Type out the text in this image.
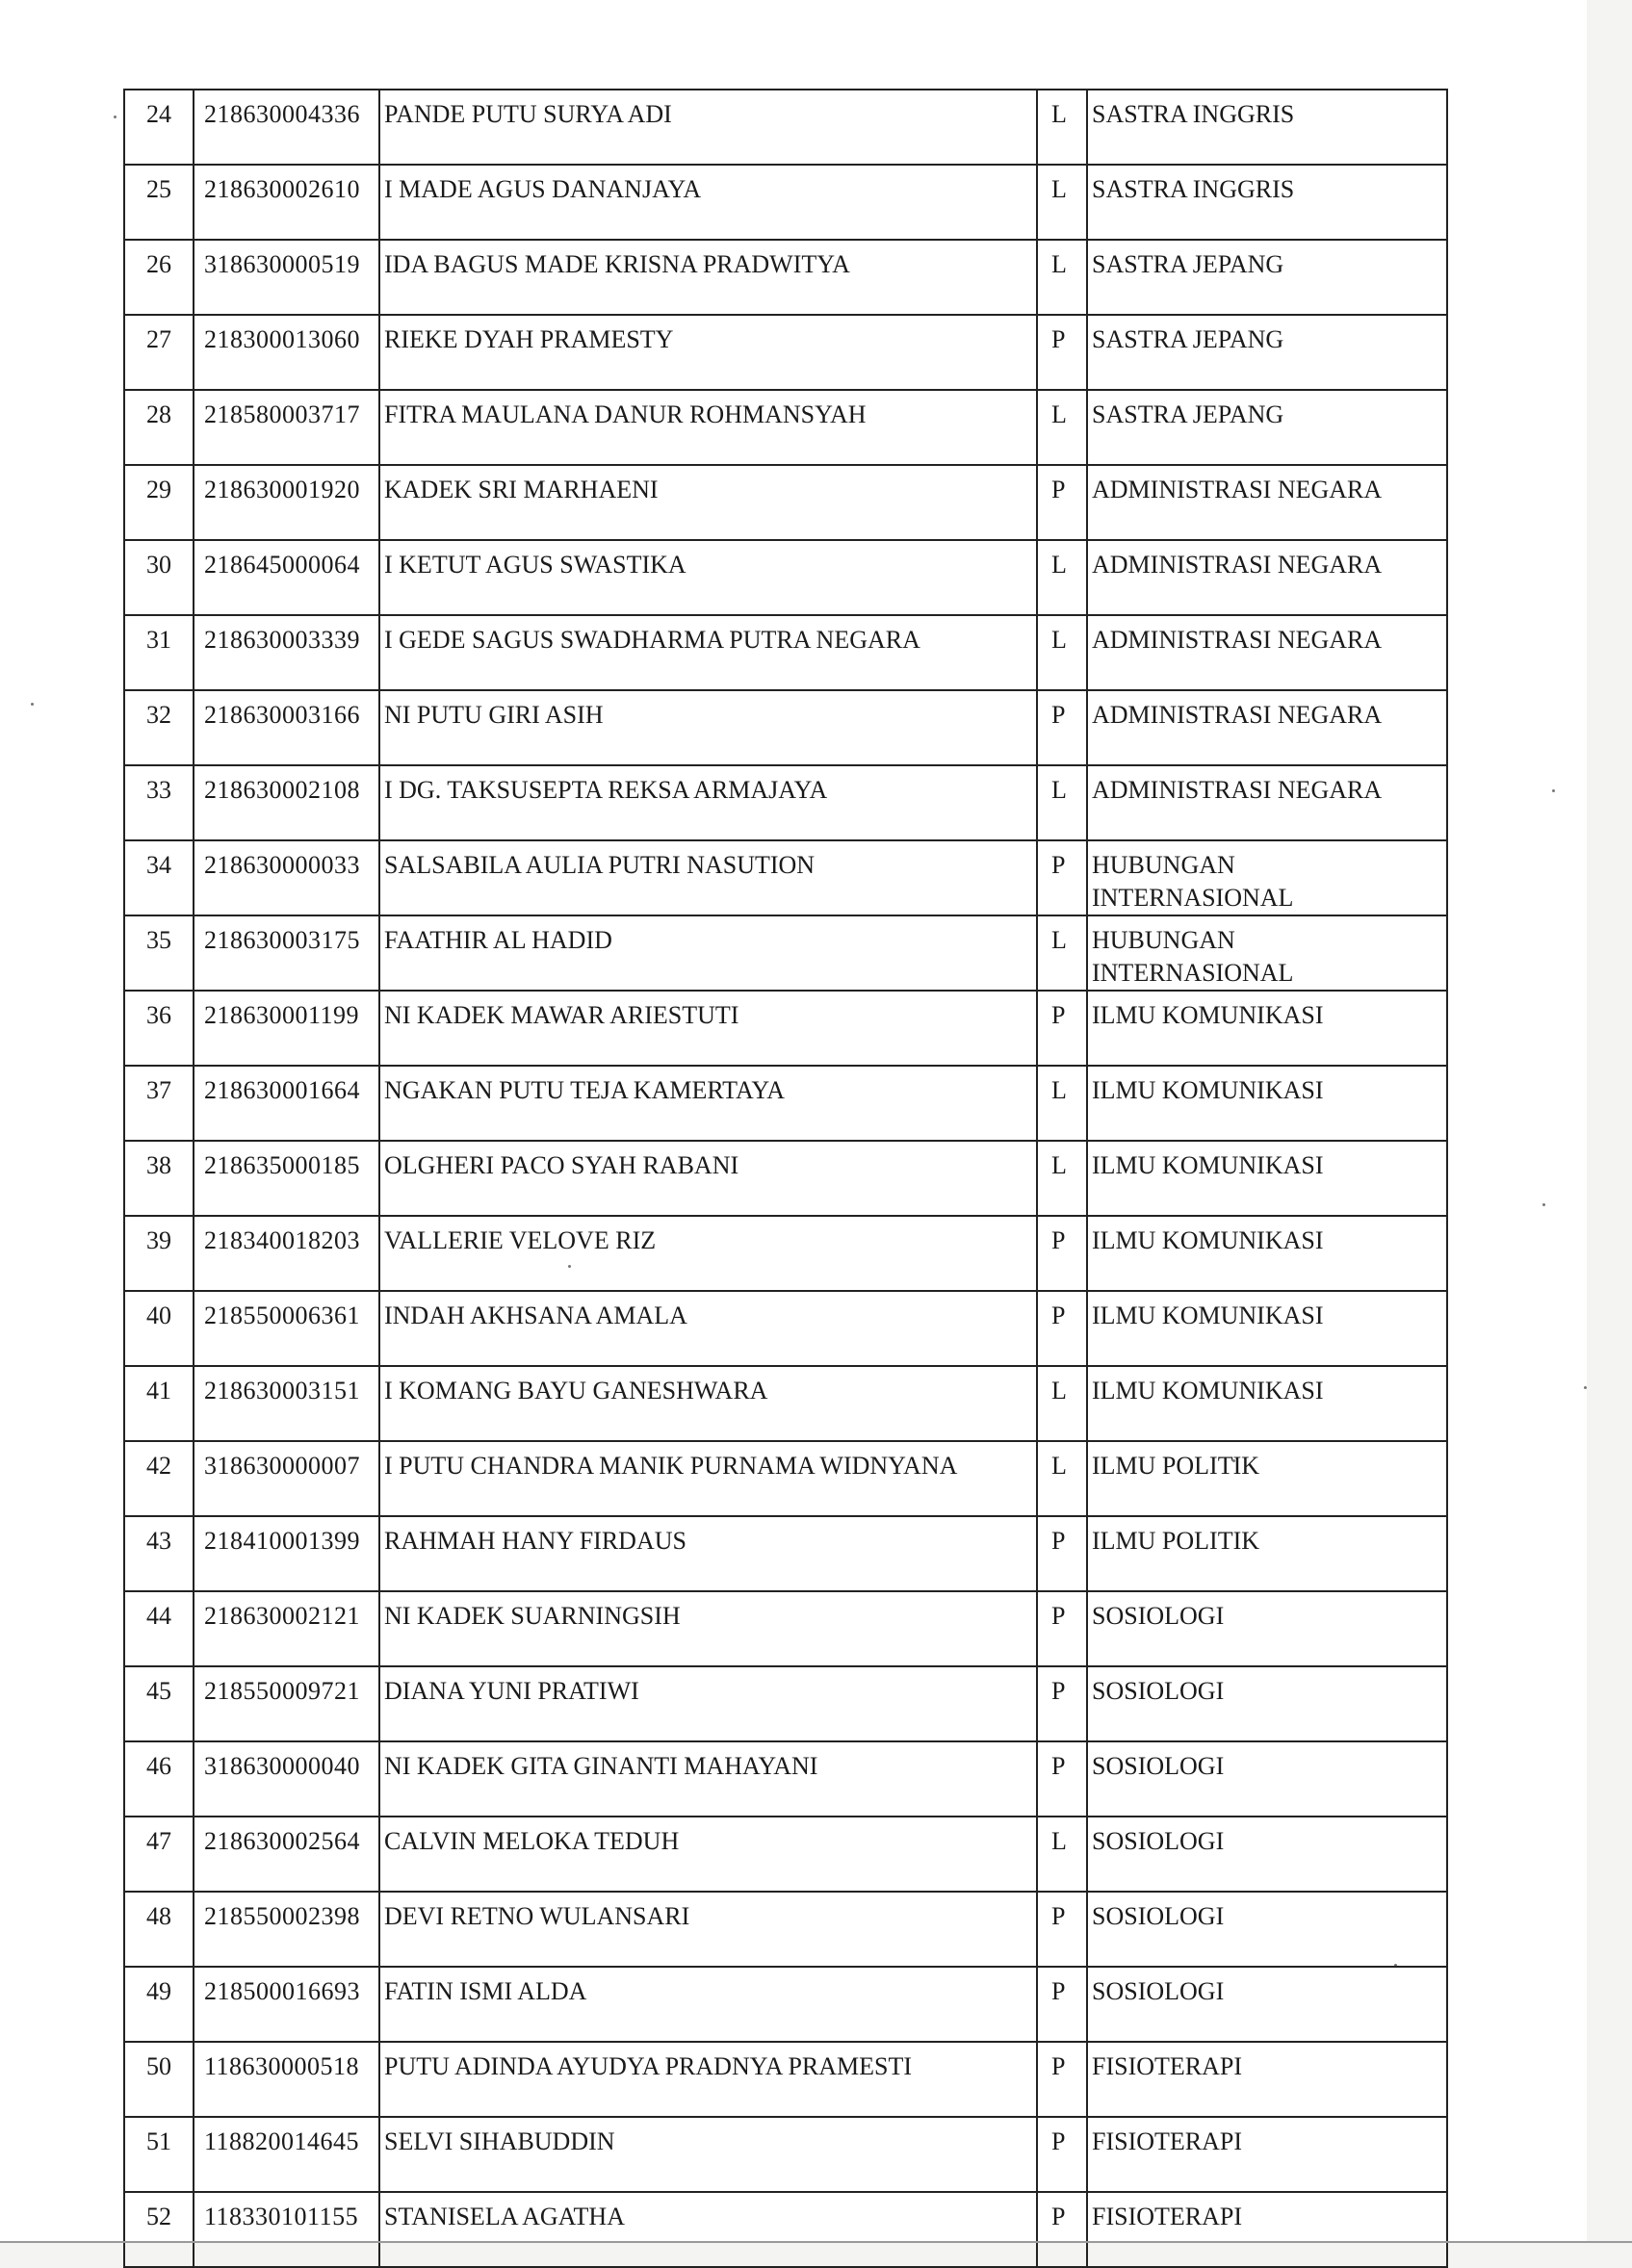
24	218630004336	PANDE PUTU SURYA ADI	L	SASTRA INGGRIS
25	218630002610	I MADE AGUS DANANJAYA	L	SASTRA INGGRIS
26	318630000519	IDA BAGUS MADE KRISNA PRADWITYA	L	SASTRA JEPANG
27	218300013060	RIEKE DYAH PRAMESTY	P	SASTRA JEPANG
28	218580003717	FITRA MAULANA DANUR ROHMANSYAH	L	SASTRA JEPANG
29	218630001920	KADEK SRI MARHAENI	P	ADMINISTRASI NEGARA
30	218645000064	I KETUT AGUS SWASTIKA	L	ADMINISTRASI NEGARA
31	218630003339	I GEDE SAGUS SWADHARMA PUTRA NEGARA	L	ADMINISTRASI NEGARA
32	218630003166	NI PUTU GIRI ASIH	P	ADMINISTRASI NEGARA
33	218630002108	I DG. TAKSUSEPTA REKSA ARMAJAYA	L	ADMINISTRASI NEGARA
34	218630000033	SALSABILA AULIA PUTRI NASUTION	P	HUBUNGAN INTERNASIONAL
35	218630003175	FAATHIR AL HADID	L	HUBUNGAN INTERNASIONAL
36	218630001199	NI KADEK MAWAR ARIESTUTI	P	ILMU KOMUNIKASI
37	218630001664	NGAKAN PUTU TEJA KAMERTAYA	L	ILMU KOMUNIKASI
38	218635000185	OLGHERI PACO SYAH RABANI	L	ILMU KOMUNIKASI
39	218340018203	VALLERIE VELOVE RIZ	P	ILMU KOMUNIKASI
40	218550006361	INDAH AKHSANA AMALA	P	ILMU KOMUNIKASI
41	218630003151	I KOMANG BAYU GANESHWARA	L	ILMU KOMUNIKASI
42	318630000007	I PUTU CHANDRA MANIK PURNAMA WIDNYANA	L	ILMU POLITIK
43	218410001399	RAHMAH HANY FIRDAUS	P	ILMU POLITIK
44	218630002121	NI KADEK SUARNINGSIH	P	SOSIOLOGI
45	218550009721	DIANA YUNI PRATIWI	P	SOSIOLOGI
46	318630000040	NI KADEK GITA GINANTI MAHAYANI	P	SOSIOLOGI
47	218630002564	CALVIN MELOKA TEDUH	L	SOSIOLOGI
48	218550002398	DEVI RETNO WULANSARI	P	SOSIOLOGI
49	218500016693	FATIN ISMI ALDA	P	SOSIOLOGI
50	118630000518	PUTU ADINDA AYUDYA PRADNYA PRAMESTI	P	FISIOTERAPI
51	118820014645	SELVI SIHABUDDIN	P	FISIOTERAPI
52	118330101155	STANISELA AGATHA	P	FISIOTERAPI
